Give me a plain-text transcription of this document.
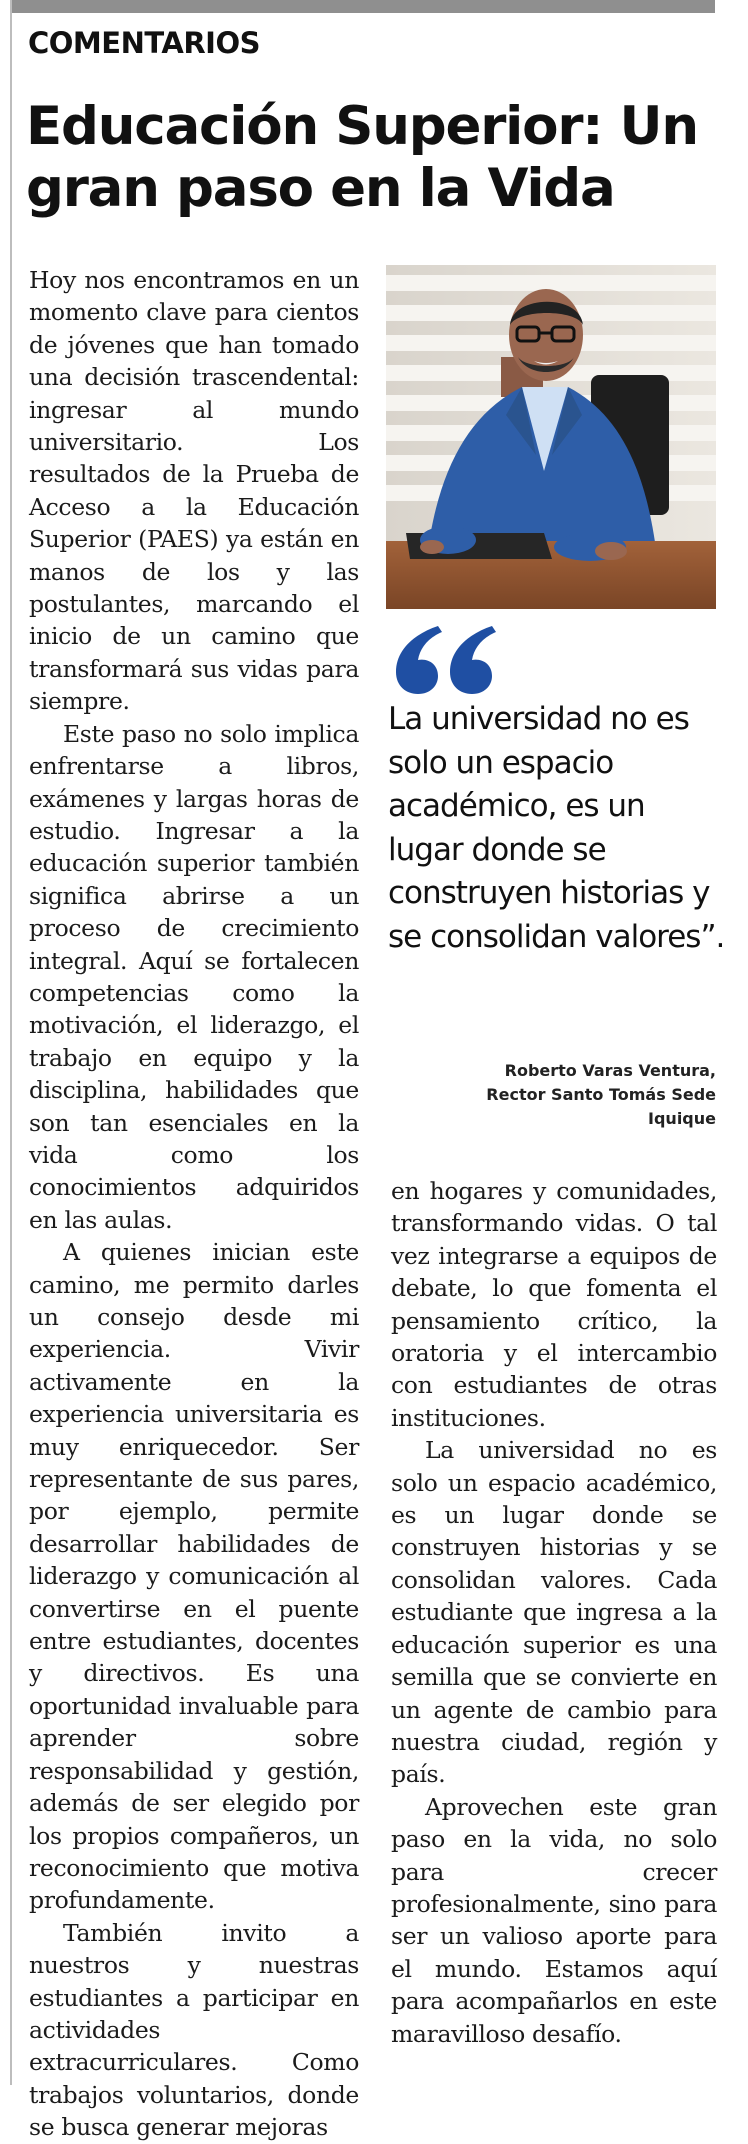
COMENTARIOS
Educación Superior: Un gran paso en la Vida

Hoy nos encontramos en un momento clave para cientos de jóvenes que han tomado una decisión trascendental: ingresar al mundo universitario. Los resultados de la Prueba de Acceso a la Educación Superior (PAES) ya están en manos de los y las postulantes, marcando el inicio de un camino que transformará sus vidas para siempre.

Este paso no solo implica enfrentarse a libros, exámenes y largas horas de estudio. Ingresar a la educación superior también significa abrirse a un proceso de crecimiento integral. Aquí se fortalecen competencias como la motivación, el liderazgo, el trabajo en equipo y la disciplina, habilidades que son tan esenciales en la vida como los conocimientos adquiridos en las aulas.

A quienes inician este camino, me permito darles un consejo desde mi experiencia. Vivir activamente en la experiencia universitaria es muy enriquecedor. Ser representante de sus pares, por ejemplo, permite desarrollar habilidades de liderazgo y comunicación al convertirse en el puente entre estudiantes, docentes y directivos. Es una oportunidad invaluable para aprender sobre responsabilidad y gestión, además de ser elegido por los propios compañeros, un reconocimiento que motiva profundamente.

También invito a nuestros y nuestras estudiantes a participar en actividades extracurriculares. Como trabajos voluntarios, donde se busca generar mejoras

La universidad no es solo un espacio académico, es un lugar donde se construyen historias y se consolidan valores”.

Roberto Varas Ventura,
Rector Santo Tomás Sede
Iquique

en hogares y comunidades, transformando vidas. O tal vez integrarse a equipos de debate, lo que fomenta el pensamiento crítico, la oratoria y el intercambio con estudiantes de otras instituciones.

La universidad no es solo un espacio académico, es un lugar donde se construyen historias y se consolidan valores. Cada estudiante que ingresa a la educación superior es una semilla que se convierte en un agente de cambio para nuestra ciudad, región y país.

Aprovechen este gran paso en la vida, no solo para crecer profesionalmente, sino para ser un valioso aporte para el mundo. Estamos aquí para acompañarlos en este maravilloso desafío.
